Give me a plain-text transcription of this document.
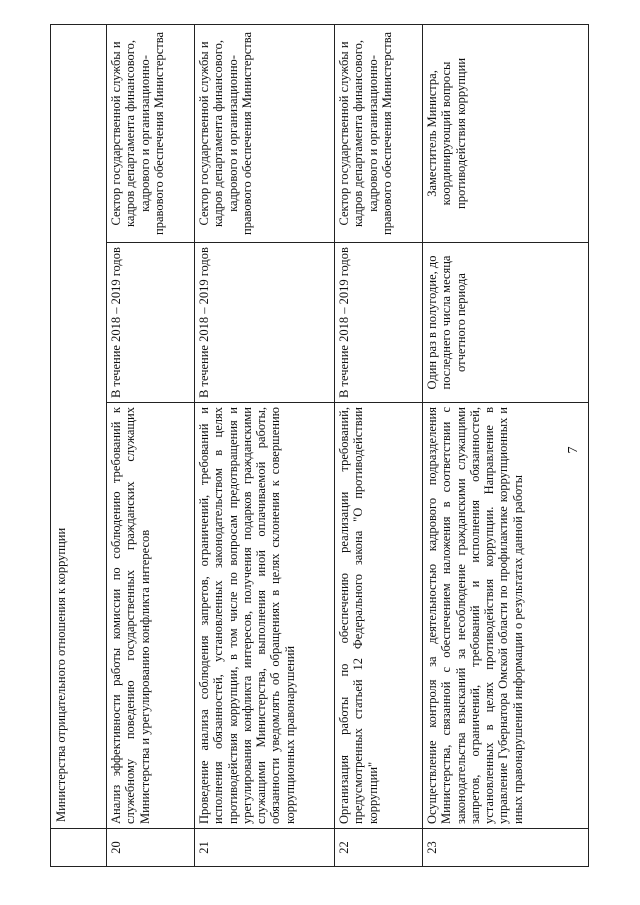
7
	Министерства отрицательного отношения к коррупции		
20	Анализ эффективности работы комиссии по соблюдению требований к служебному поведению государственных гражданских служащих Министерства и урегулированию конфликта интересов	В течение 2018 – 2019 годов	Сектор государственной службы и кадров департамента финансового, кадрового и организационно-правового обеспечения Министерства
21	Проведение анализа соблюдения запретов, ограничений, требований и исполнения обязанностей, установленных законодательством в целях противодействия коррупции, в том числе по вопросам предотвращения и урегулирования конфликта интересов, получения подарков гражданскими служащими Министерства, выполнения иной оплачиваемой работы, обязанности уведомлять об обращениях в целях склонения к совершению коррупционных правонарушений	В течение 2018 – 2019 годов	Сектор государственной службы и кадров департамента финансового, кадрового и организационно-правового обеспечения Министерства
22	Организация работы по обеспечению реализации требований, предусмотренных статьей 12 Федерального закона "О противодействии коррупции"	В течение 2018 – 2019 годов	Сектор государственной службы и кадров департамента финансового, кадрового и организационно-правового обеспечения Министерства
23	Осуществление контроля за деятельностью кадрового подразделения Министерства, связанной с обеспечением наложения в соответствии с законодательства взысканий за несоблюдение гражданскими служащими запретов, ограничений, требований и исполнения обязанностей, установленных в целях противодействия коррупции. Направление в управление Губернатора Омской области по профилактике коррупционных и иных правонарушений информации о результатах данной работы	Один раз в полугодие, до последнего числа месяца отчетного периода	Заместитель Министра, координирующий вопросы противодействия коррупции
